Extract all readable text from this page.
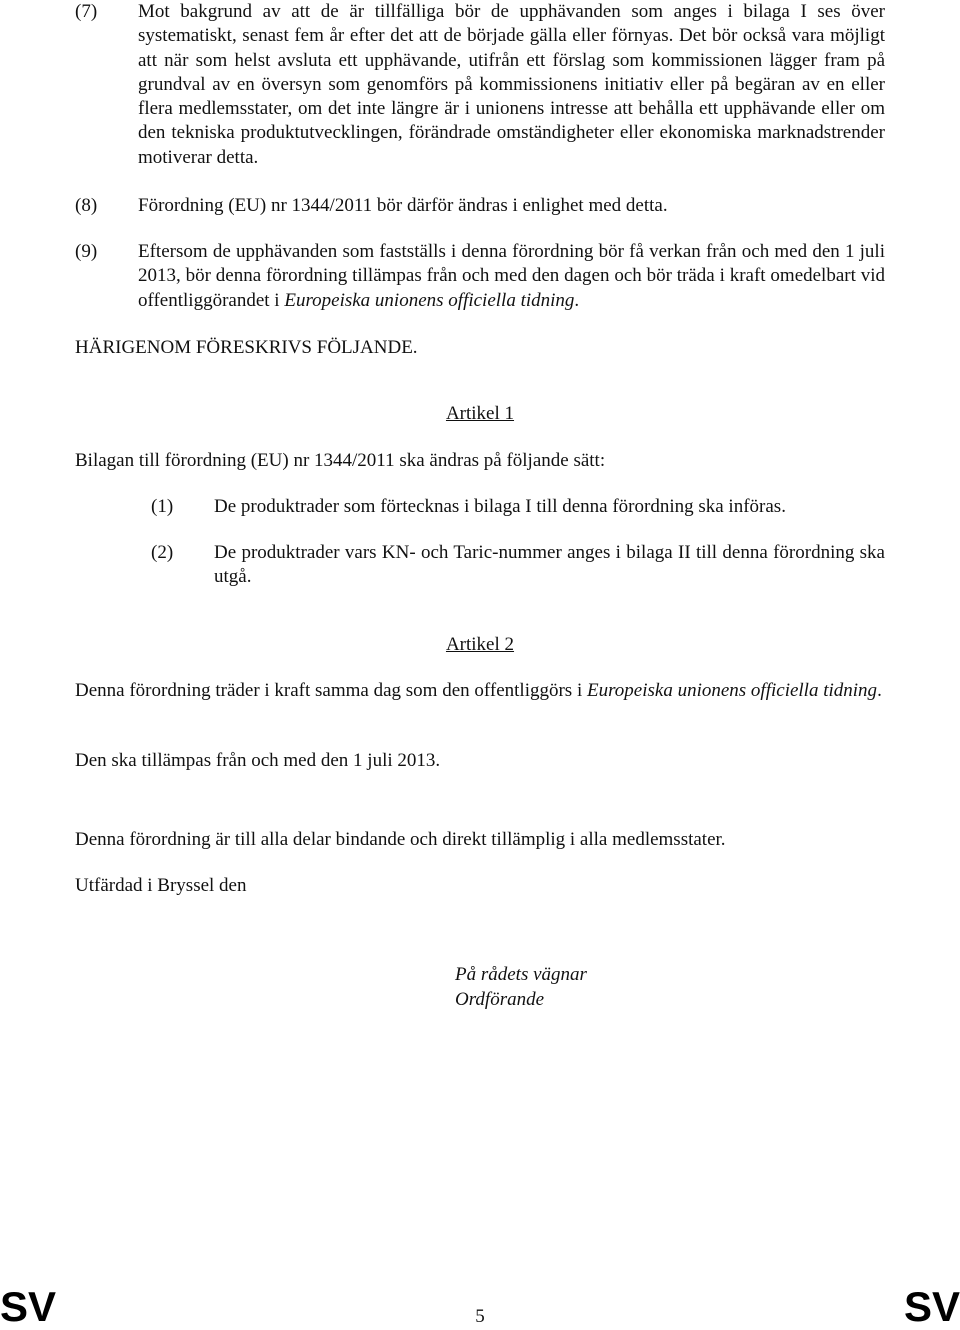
(7) Mot bakgrund av att de är tillfälliga bör de upphävanden som anges i bilaga I ses över systematiskt, senast fem år efter det att de började gälla eller förnyas. Det bör också vara möjligt att när som helst avsluta ett upphävande, utifrån ett förslag som kommissionen lägger fram på grundval av en översyn som genomförs på kommissionens initiativ eller på begäran av en eller flera medlemsstater, om det inte längre är i unionens intresse att behålla ett upphävande eller om den tekniska produktutvecklingen, förändrade omständigheter eller ekonomiska marknadstrender motiverar detta.

(8) Förordning (EU) nr 1344/2011 bör därför ändras i enlighet med detta.

(9) Eftersom de upphävanden som fastställs i denna förordning bör få verkan från och med den 1 juli 2013, bör denna förordning tillämpas från och med den dagen och bör träda i kraft omedelbart vid offentliggörandet i Europeiska unionens officiella tidning.

HÄRIGENOM FÖRESKRIVS FÖLJANDE.

Artikel 1
Bilagan till förordning (EU) nr 1344/2011 ska ändras på följande sätt:
(1) De produktrader som förtecknas i bilaga I till denna förordning ska införas.

(2) De produktrader vars KN- och Taric-nummer anges i bilaga II till denna förordning ska utgå.

Artikel 2

Denna förordning träder i kraft samma dag som den offentliggörs i Europeiska unionens officiella tidning.

Den ska tillämpas från och med den 1 juli 2013.
Denna förordning är till alla delar bindande och direkt tillämplig i alla medlemsstater.
Utfärdad i Bryssel den
På rådets vägnar
Ordförande
SV	5	SV
